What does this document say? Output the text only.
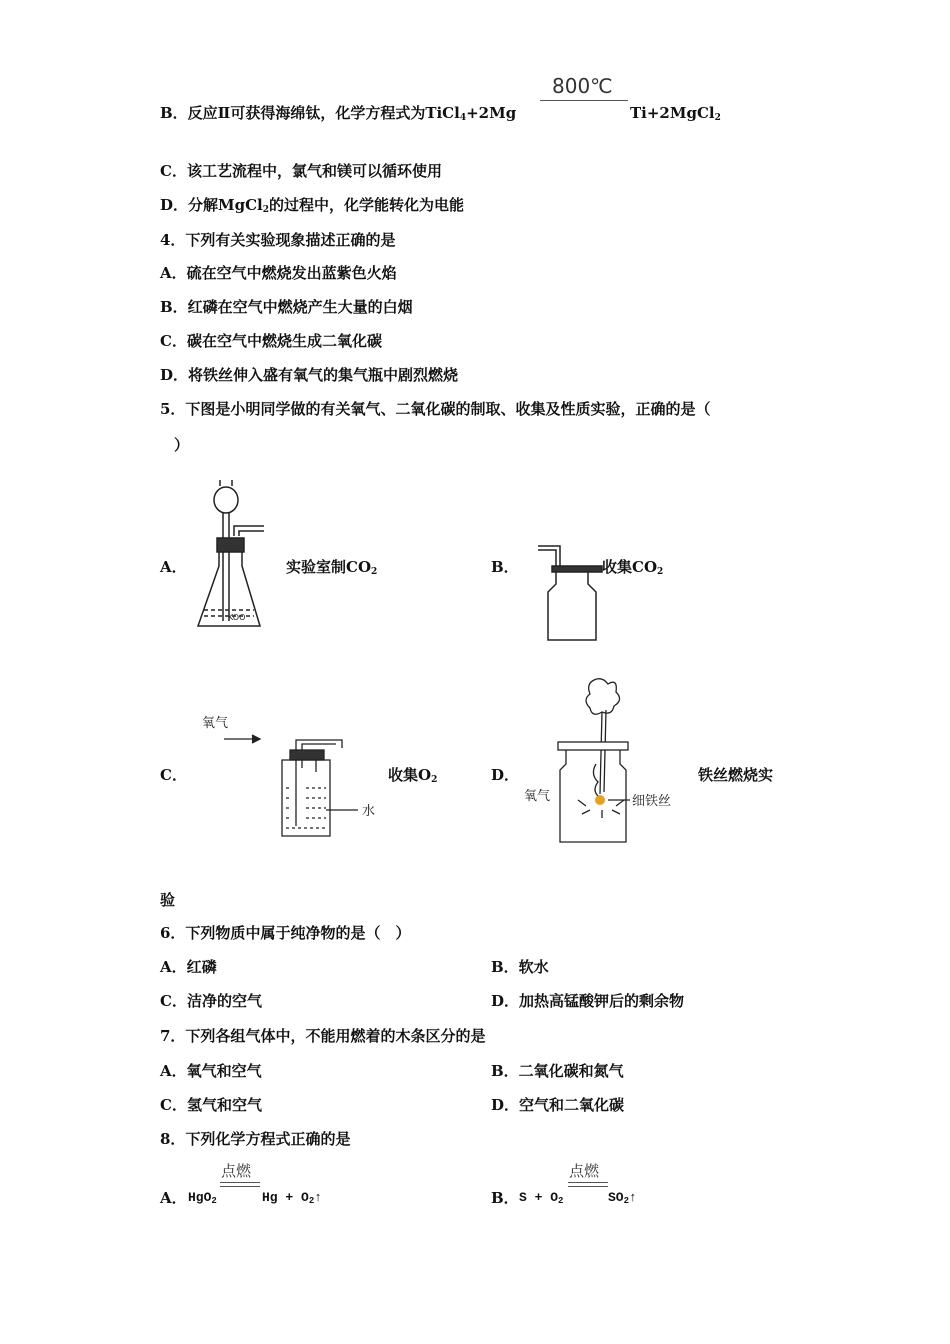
B．反应Ⅱ可获得海绵钛，化学方程式为TiCl$_4$+2Mg
800℃
Ti+2MgCl$_2$
C．该工艺流程中，氯气和镁可以循环使用
D．分解MgCl$_2$的过程中，化学能转化为电能
4．下列有关实验现象描述正确的是
A．硫在空气中燃烧发出蓝紫色火焰
B．红磷在空气中燃烧产生大量的白烟
C．碳在空气中燃烧生成二氧化碳
D．将铁丝伸入盛有氧气的集气瓶中剧烈燃烧
5．下图是小明同学做的有关氧气、二氧化碳的制取、收集及性质实验，正确的是（
）
A．
KOO
实验室制$CO_2$	B．	收集$CO_2$
C．
氧气
水
收集$O_2$	D．
氧气	细铁丝
铁丝燃烧实
验
6．下列物质中属于纯净物的是（　）
A．红磷	B．软水
C．洁净的空气	D．加热高锰酸钾后的剩余物
7．下列各组气体中，不能用燃着的木条区分的是
A．氧气和空气	B．二氧化碳和氮气
C．氢气和空气	D．空气和二氧化碳
8．下列化学方程式正确的是
A． HgO$_2$
点燃
$Hg + O_2↑$	B． $S + O_2$
点燃
$SO_2↑$
